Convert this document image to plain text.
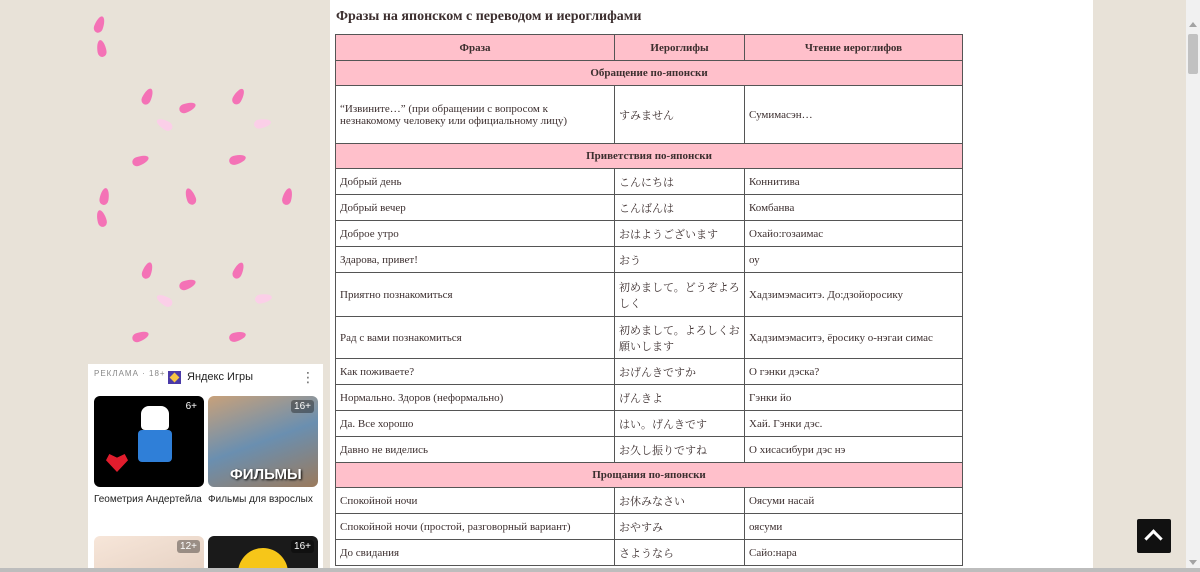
РЕКЛАМА · 18+ Яндекс Игры	⋮
6+
Геометрия Андертейла
ФИЛЬМЫ
16+
Фильмы для взрослых
12+	16+
Фразы на японском с переводом и иероглифами
Фраза	Иероглифы	Чтение иероглифов
Обращение по-японски		
“Извините…” (при обращении с вопросом к незнакомому человеку или официальному лицу)	すみません	Сумимасэн…
Приветствия по-японски		
Добрый день	こんにちは	Коннитива
Добрый вечер	こんばんは	Комбанва
Доброе утро	おはようございます	Охайо:гозаимас
Здарова, привет!	おう	оу
Приятно познакомиться	初めまして。どうぞよろしく	Хадзимэмаситэ. До:дзойоросику
Рад с вами познакомиться	初めまして。よろしくお願いします	Хадзимэмаситэ, ёросику о-нэгаи симас
Как поживаете?	おげんきですか	О гэнки дэска?
Нормально. Здоров (неформально)	げんきよ	Гэнки йо
Да. Все хорошо	はい。げんきです	Хай. Гэнки дэс.
Давно не виделись	お久し振りですね	О хисасибури дэс нэ
Прощания по-японски		
Спокойной ночи	お休みなさい	Оясуми насай
Спокойной ночи (простой, разговорный вариант)	おやすみ	оясуми
До свидания	さようなら	Сайо:нара
